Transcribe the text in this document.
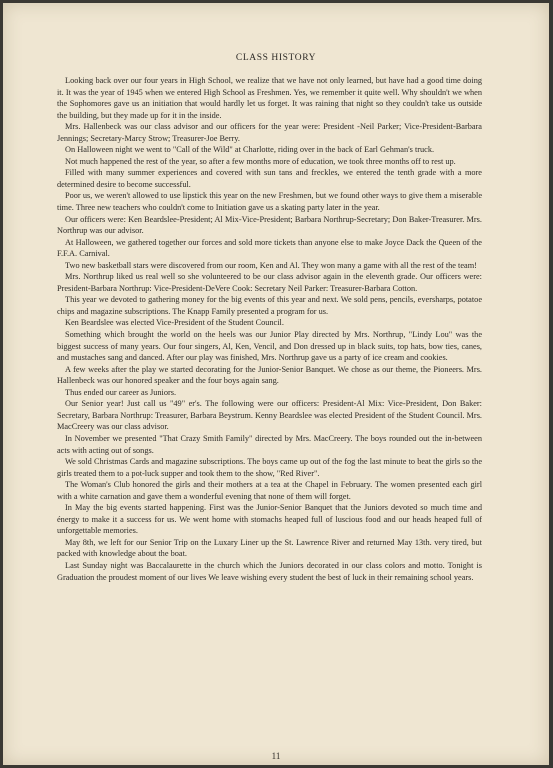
CLASS HISTORY

Looking back over our four years in High School, we realize that we have not only learned, but have had a good time doing it. It was the year of 1945 when we entered High School as Freshmen. Yes, we remember it quite well. Why shouldn't we when the Sophomores gave us an initiation that would hardly let us forget. It was raining that night so they couldn't take us outside the building, but they made up for it in the inside.

Mrs. Hallenbeck was our class advisor and our officers for the year were: President -Neil Parker; Vice-President-Barbara Jennings; Secretary-Marcy Strow; Treasurer-Joe Berry.

On Halloween night we went to "Call of the Wild" at Charlotte, riding over in the back of Earl Gehman's truck.

Not much happened the rest of the year, so after a few months more of education, we took three months off to rest up.

Filled with many summer experiences and covered with sun tans and freckles, we entered the tenth grade with a more determined desire to become successful.

Poor us, we weren't allowed to use lipstick this year on the new Freshmen, but we found other ways to give them a miserable time. Three new teachers who couldn't come to Initiation gave us a skating party later in the year.

Our officers were: Ken Beardslee-President; Al Mix-Vice-President; Barbara Northrup-Secretary; Don Baker-Treasurer. Mrs. Northrup was our advisor.

At Halloween, we gathered together our forces and sold more tickets than anyone else to make Joyce Dack the Queen of the F.F.A. Carnival.

Two new basketball stars were discovered from our room, Ken and Al. They won many a game with all the rest of the team!

Mrs. Northrup liked us real well so she volunteered to be our class advisor again in the eleventh grade. Our officers were: President-Barbara Northrup: Vice-President-DeVere Cook: Secretary Neil Parker: Treasurer-Barbara Cotton.

This year we devoted to gathering money for the big events of this year and next. We sold pens, pencils, eversharps, potatoe chips and magazine subscriptions. The Knapp Family presented a program for us.

Ken Beardslee was elected Vice-President of the Student Council.

Something which brought the world on the heels was our Junior Play directed by Mrs. Northrup, "Lindy Lou" was the biggest success of many years. Our four singers, Al, Ken, Vencil, and Don dressed up in black suits, top hats, bow ties, canes, and mustaches sang and danced. After our play was finished, Mrs. Northrup gave us a party of ice cream and cookies.

A few weeks after the play we started decorating for the Junior-Senior Banquet. We chose as our theme, the Pioneers. Mrs. Hallenbeck was our honored speaker and the four boys again sang.

Thus ended our career as Juniors.

Our Senior year! Just call us "49" er's. The following were our officers: President-Al Mix: Vice-President, Don Baker: Secretary, Barbara Northrup: Treasurer, Barbara Beystrum. Kenny Beardslee was elected President of the Student Council. Mrs. MacCreery was our class advisor.

In November we presented "That Crazy Smith Family" directed by Mrs. MacCreery. The boys rounded out the in-between acts with acting out of songs.

We sold Christmas Cards and magazine subscriptions. The boys came up out of the fog the last minute to beat the girls so the girls treated them to a pot-luck supper and took them to the show, "Red River".

The Woman's Club honored the girls and their mothers at a tea at the Chapel in February. The women presented each girl with a white carnation and gave them a wonderful evening that none of them will forget.

In May the big events started happening. First was the Junior-Senior Banquet that the Juniors devoted so much time and énergy to make it a success for us. We went home with stomachs heaped full of luscious food and our heads heaped full of unforgettable memories.

May 8th, we left for our Senior Trip on the Luxary Liner up the St. Lawrence River and returned May 13th. very tired, but packed with knowledge about the boat.

Last Sunday night was Baccalaurette in the church which the Juniors decorated in our class colors and motto. Tonight is Graduation the proudest moment of our lives We leave wishing every student the best of luck in their remaining school years.

11
